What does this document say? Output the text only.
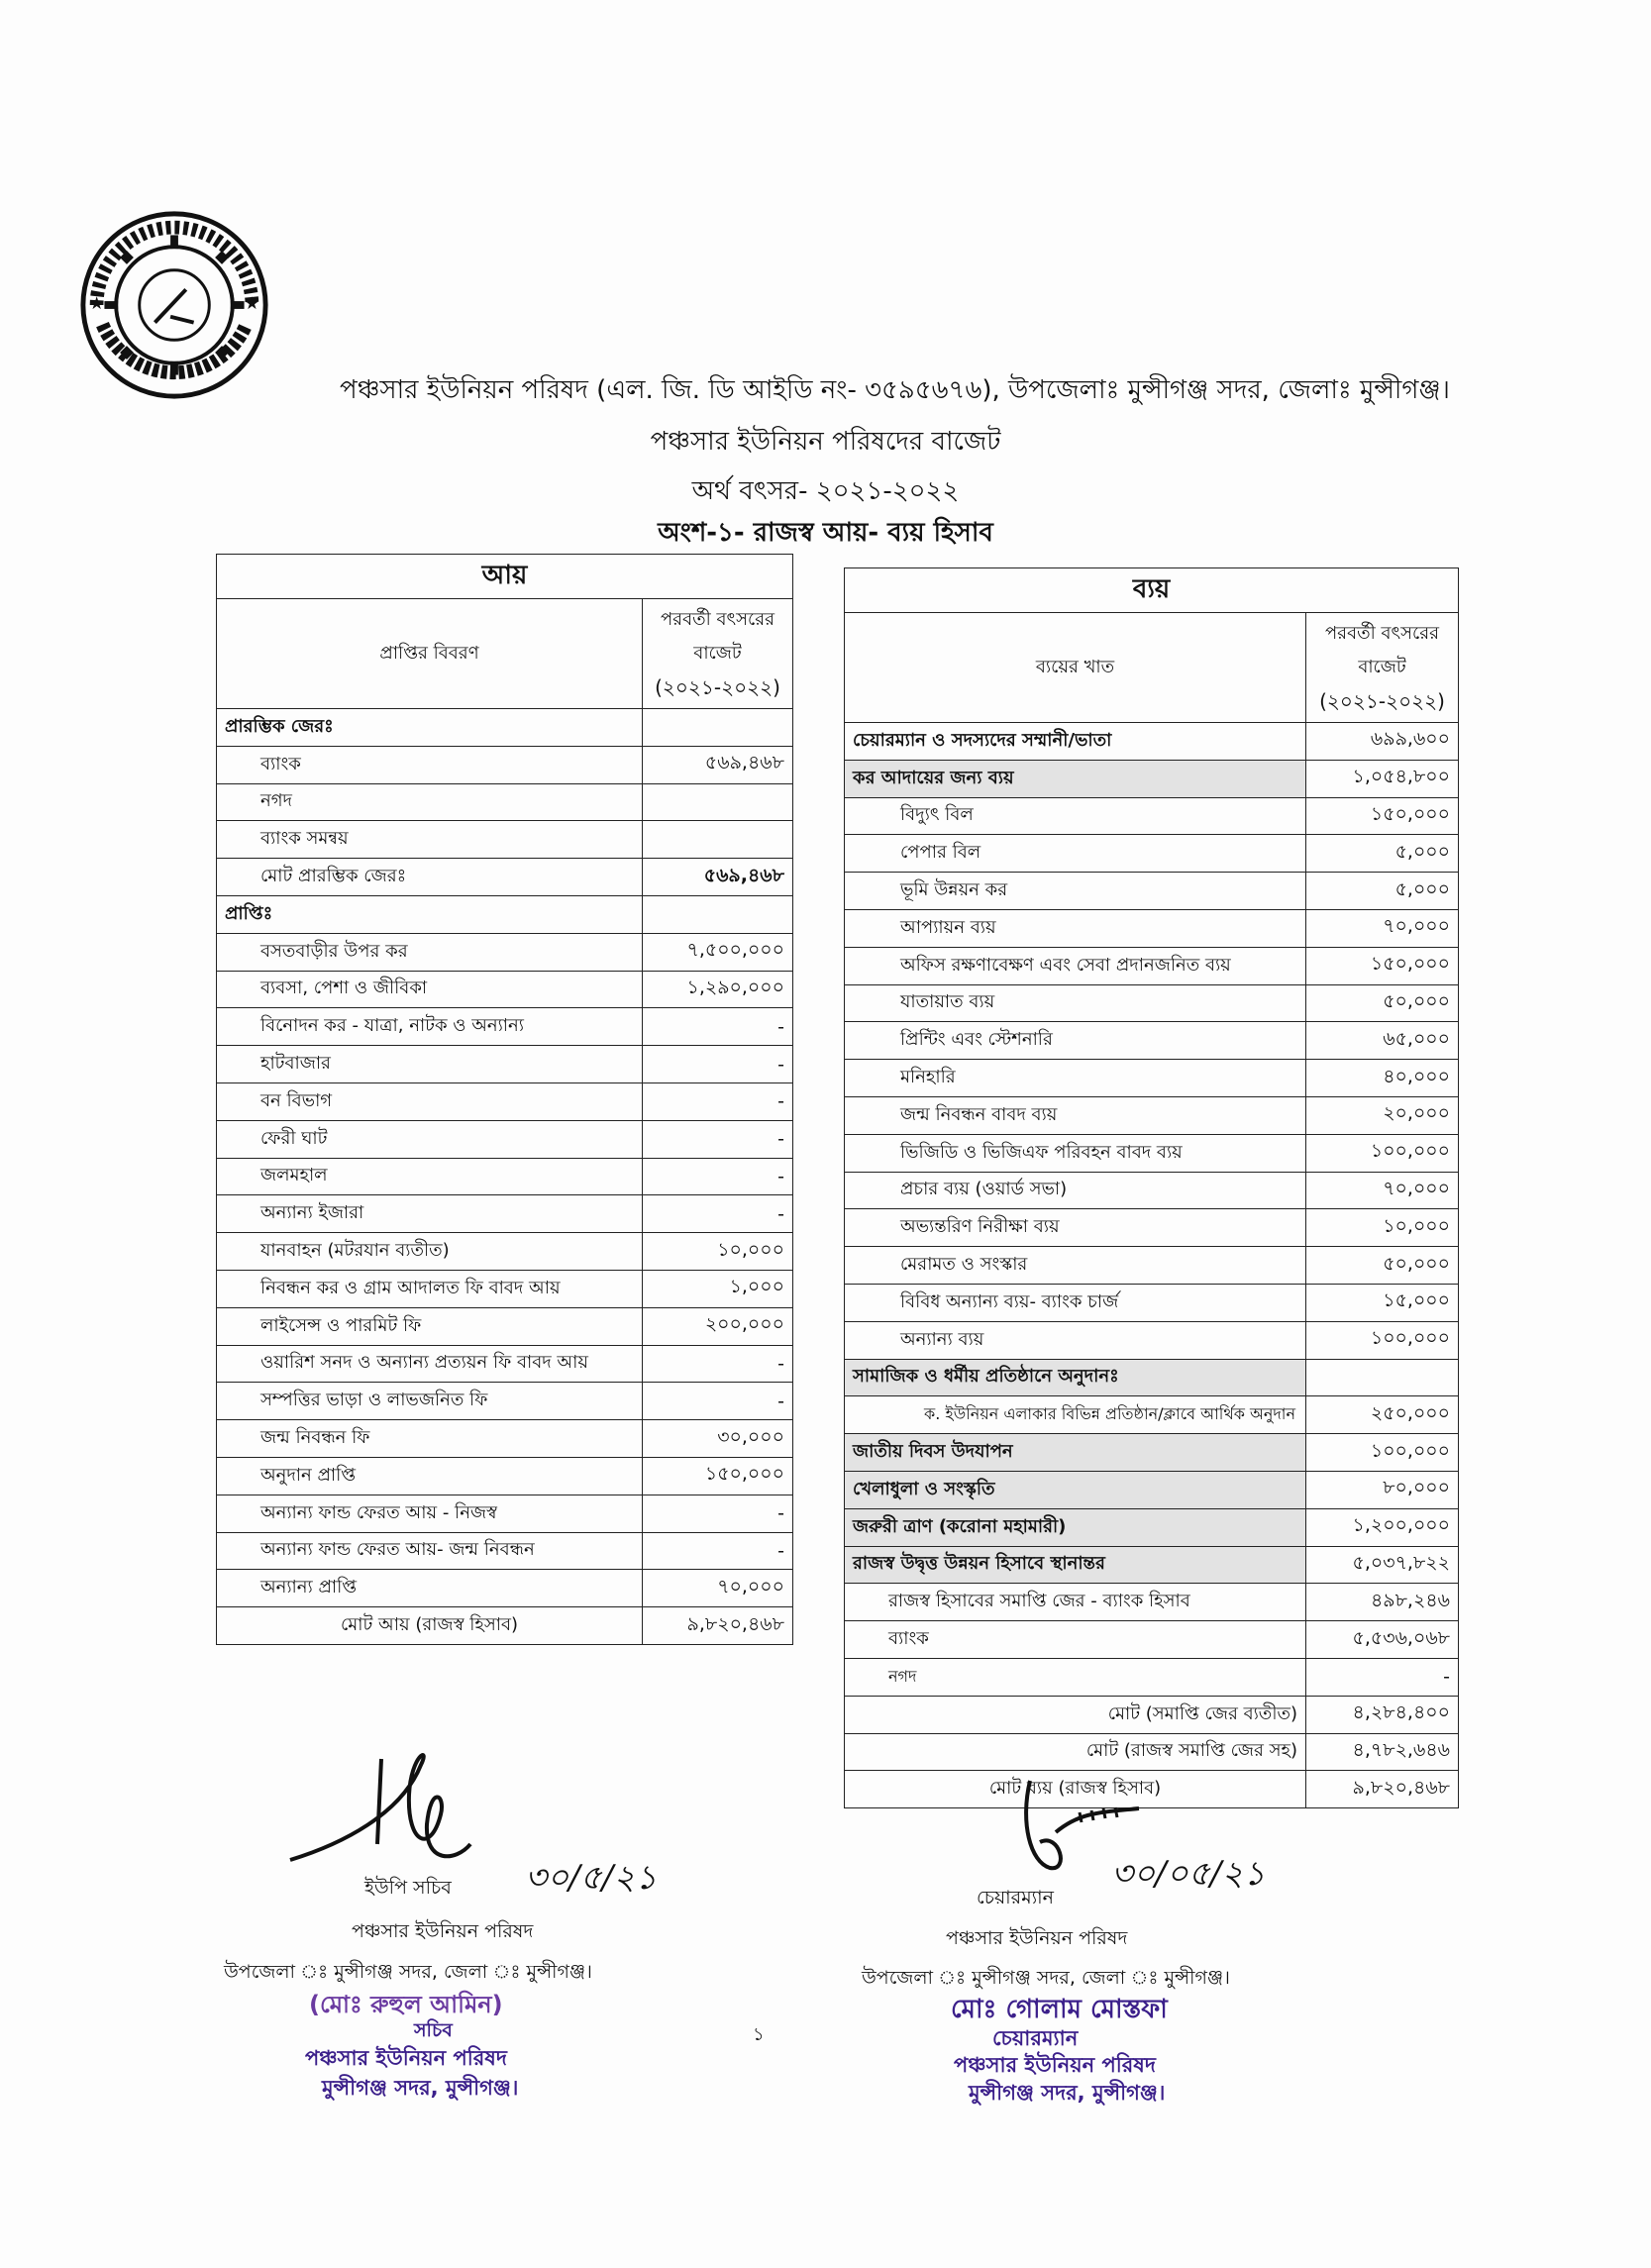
★	★
পঞ্চসার ইউনিয়ন পরিষদ (এল. জি. ডি আইডি নং- ৩৫৯৫৬৭৬), উপজেলাঃ মুন্সীগঞ্জ সদর, জেলাঃ মুন্সীগঞ্জ।
পঞ্চসার ইউনিয়ন পরিষদের বাজেট
অর্থ বৎসর- ২০২১-২০২২
অংশ-১- রাজস্ব আয়- ব্যয় হিসাব
আয়	
প্রাপ্তির বিবরণ	পরবর্তী বৎসরের
বাজেট
(২০২১-২০২২)

প্রারম্ভিক জেরঃ	
ব্যাংক	৫৬৯,৪৬৮
নগদ	
ব্যাংক সমন্বয়	
মোট প্রারম্ভিক জেরঃ	৫৬৯,৪৬৮
প্রাপ্তিঃ	
বসতবাড়ীর উপর কর	৭,৫০০,০০০
ব্যবসা, পেশা ও জীবিকা	১,২৯০,০০০
বিনোদন কর - যাত্রা, নাটক ও অন্যান্য	-
হাটবাজার	-
বন বিভাগ	-
ফেরী ঘাট	-
জলমহাল	-
অন্যান্য ইজারা	-
যানবাহন (মটরযান ব্যতীত)	১০,০০০
নিবন্ধন কর ও গ্রাম আদালত ফি বাবদ আয়	১,০০০
লাইসেন্স ও পারমিট ফি	২০০,০০০
ওয়ারিশ সনদ ও অন্যান্য প্রত্যয়ন ফি বাবদ আয়	-
সম্পত্তির ভাড়া ও লাভজনিত ফি	-
জন্ম নিবন্ধন ফি	৩০,০০০
অনুদান প্রাপ্তি	১৫০,০০০
অন্যান্য ফান্ড ফেরত আয় - নিজস্ব	-
অন্যান্য ফান্ড ফেরত আয়- জন্ম নিবন্ধন	-
অন্যান্য প্রাপ্তি	৭০,০০০
মোট আয় (রাজস্ব হিসাব)	৯,৮২০,৪৬৮
ব্যয়	
ব্যয়ের খাত	পরবর্তী বৎসরের
বাজেট
(২০২১-২০২২)

চেয়ারম্যান ও সদস্যদের সম্মানী/ভাতা	৬৯৯,৬০০
কর আদায়ের জন্য ব্যয়	১,০৫৪,৮০০
বিদ্যুৎ বিল	১৫০,০০০
পেপার বিল	৫,০০০
ভূমি উন্নয়ন কর	৫,০০০
আপ্যায়ন ব্যয়	৭০,০০০
অফিস রক্ষণাবেক্ষণ এবং সেবা প্রদানজনিত ব্যয়	১৫০,০০০
যাতায়াত ব্যয়	৫০,০০০
প্রিন্টিং এবং স্টেশনারি	৬৫,০০০
মনিহারি	৪০,০০০
জন্ম নিবন্ধন বাবদ ব্যয়	২০,০০০
ভিজিডি ও ভিজিএফ পরিবহন বাবদ ব্যয়	১০০,০০০
প্রচার ব্যয় (ওয়ার্ড সভা)	৭০,০০০
অভ্যন্তরিণ নিরীক্ষা ব্যয়	১০,০০০
মেরামত ও সংস্কার	৫০,০০০
বিবিধ অন্যান্য ব্যয়- ব্যাংক চার্জ	১৫,০০০
অন্যান্য ব্যয়	১০০,০০০
সামাজিক ও ধর্মীয় প্রতিষ্ঠানে অনুদানঃ	
ক. ইউনিয়ন এলাকার বিভিন্ন প্রতিষ্ঠান/ক্লাবে আর্থিক অনুদান	২৫০,০০০
জাতীয় দিবস উদযাপন	১০০,০০০
খেলাধুলা ও সংস্কৃতি	৮০,০০০
জরুরী ত্রাণ (করোনা মহামারী)	১,২০০,০০০
রাজস্ব উদ্বৃত্ত উন্নয়ন হিসাবে স্থানান্তর	৫,০৩৭,৮২২
রাজস্ব হিসাবের সমাপ্তি জের - ব্যাংক হিসাব	৪৯৮,২৪৬
ব্যাংক	৫,৫৩৬,০৬৮
নগদ	-
মোট (সমাপ্তি জের ব্যতীত)	৪,২৮৪,৪০০
মোট (রাজস্ব সমাপ্তি জের সহ)	৪,৭৮২,৬৪৬
মোট ব্যয় (রাজস্ব হিসাব)	৯,৮২০,৪৬৮
ইউপি সচিব ৩০/৫/২১
পঞ্চসার ইউনিয়ন পরিষদ
উপজেলা ঃ মুন্সীগঞ্জ সদর, জেলা ঃ মুন্সীগঞ্জ।
(মোঃ রুহুল আমিন)
সচিব
পঞ্চসার ইউনিয়ন পরিষদ
মুন্সীগঞ্জ সদর, মুন্সীগঞ্জ।
১
চেয়ারম্যান
৩০/০৫/২১
পঞ্চসার ইউনিয়ন পরিষদ
উপজেলা ঃ মুন্সীগঞ্জ সদর, জেলা ঃ মুন্সীগঞ্জ।
মোঃ গোলাম মোস্তফা
চেয়ারম্যান
পঞ্চসার ইউনিয়ন পরিষদ
মুন্সীগঞ্জ সদর, মুন্সীগঞ্জ।
